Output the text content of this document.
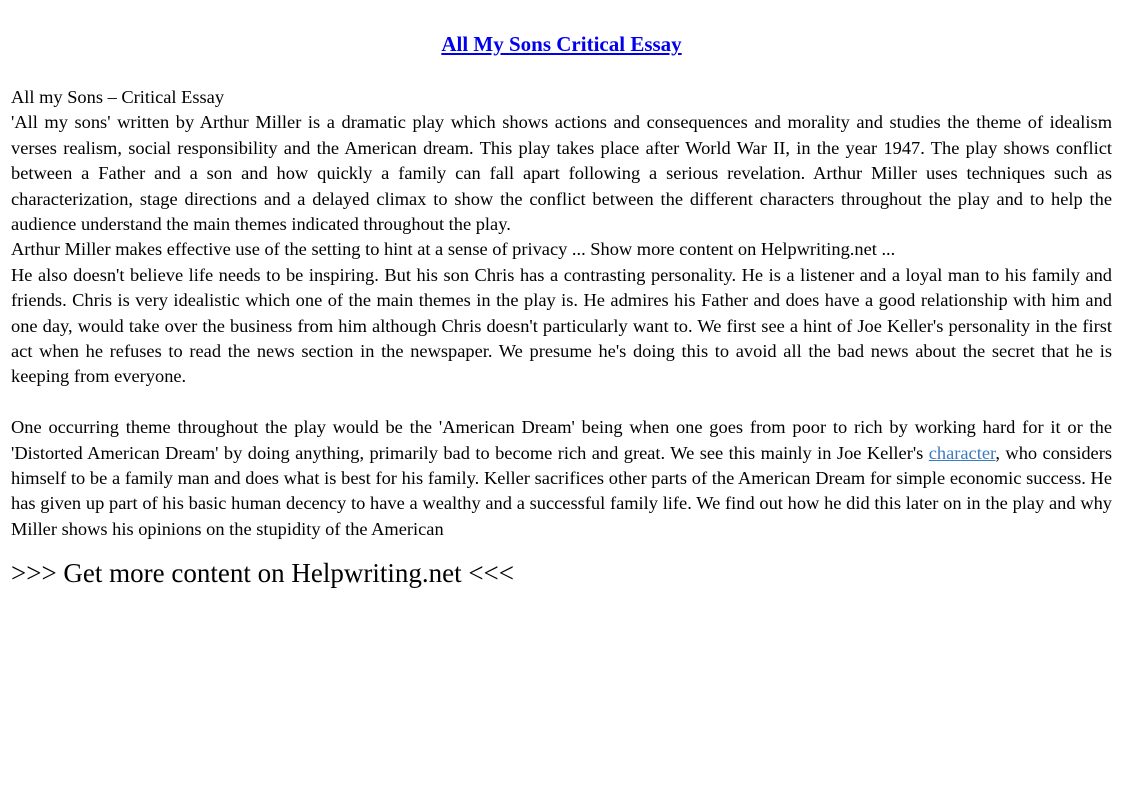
All My Sons Critical Essay

All my Sons – Critical Essay

'All my sons' written by Arthur Miller is a dramatic play which shows actions and consequences and morality and studies the theme of idealism verses realism, social responsibility and the American dream. This play takes place after World War II, in the year 1947. The play shows conflict between a Father and a son and how quickly a family can fall apart following a serious revelation. Arthur Miller uses techniques such as characterization, stage directions and a delayed climax to show the conflict between the different characters throughout the play and to help the audience understand the main themes indicated throughout the play.

Arthur Miller makes effective use of the setting to hint at a sense of privacy ... Show more content on Helpwriting.net ...

He also doesn't believe life needs to be inspiring. But his son Chris has a contrasting personality. He is a listener and a loyal man to his family and friends. Chris is very idealistic which one of the main themes in the play is. He admires his Father and does have a good relationship with him and one day, would take over the business from him although Chris doesn't particularly want to. We first see a hint of Joe Keller's personality in the first act when he refuses to read the news section in the newspaper. We presume he's doing this to avoid all the bad news about the secret that he is keeping from everyone.

One occurring theme throughout the play would be the 'American Dream' being when one goes from poor to rich by working hard for it or the 'Distorted American Dream' by doing anything, primarily bad to become rich and great. We see this mainly in Joe Keller's character, who considers himself to be a family man and does what is best for his family. Keller sacrifices other parts of the American Dream for simple economic success. He has given up part of his basic human decency to have a wealthy and a successful family life. We find out how he did this later on in the play and why Miller shows his opinions on the stupidity of the American

>>> Get more content on Helpwriting.net <<<
